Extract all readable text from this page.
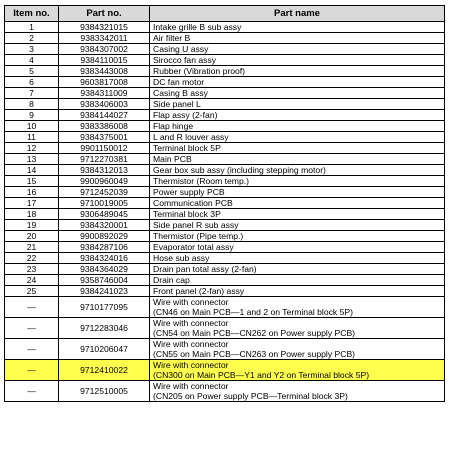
Item no.	Part no.	Part name
1	9384321015	Intake grille B sub assy

2	9383342011	Air filter B

3	9384307002	Casing U assy

4	9384110015	Sirocco fan assy

5	9383443008	Rubber (Vibration proof)

6	9603817008	DC fan motor

7	9384311009	Casing B assy

8	9383406003	Side panel L

9	9384144027	Flap assy (2-fan)

10	9383386008	Flap hinge

11	9384375001	L and R louver assy

12	9901150012	Terminal block 5P

13	9712270381	Main PCB

14	9384312013	Gear box sub assy (including stepping motor)

15	9900960049	Thermistor (Room temp.)

16	9712452039	Power supply PCB

17	9710019005	Communication PCB

18	9306489045	Terminal block 3P

19	9384320001	Side panel R sub assy

20	9900892029	Thermistor (Pipe temp.)

21	9384287106	Evaporator total assy

22	9384324016	Hose sub assy

23	9384364029	Drain pan total assy (2-fan)

24	9358746004	Drain cap

25	9384241023	Front panel (2-fan) assy

—	9710177095	Wire with connector
(CN46 on Main PCB—1 and 2 on Terminal block 5P)

—	9712283046	Wire with connector
(CN54 on Main PCB—CN262 on Power supply PCB)

—	9710206047	Wire with connector
(CN55 on Main PCB—CN263 on Power supply PCB)

—	9712410022	Wire with connector
(CN300 on Main PCB—Y1 and Y2 on Terminal block 5P)

—	9712510005	Wire with connector
(CN205 on Power supply PCB—Terminal block 3P)
